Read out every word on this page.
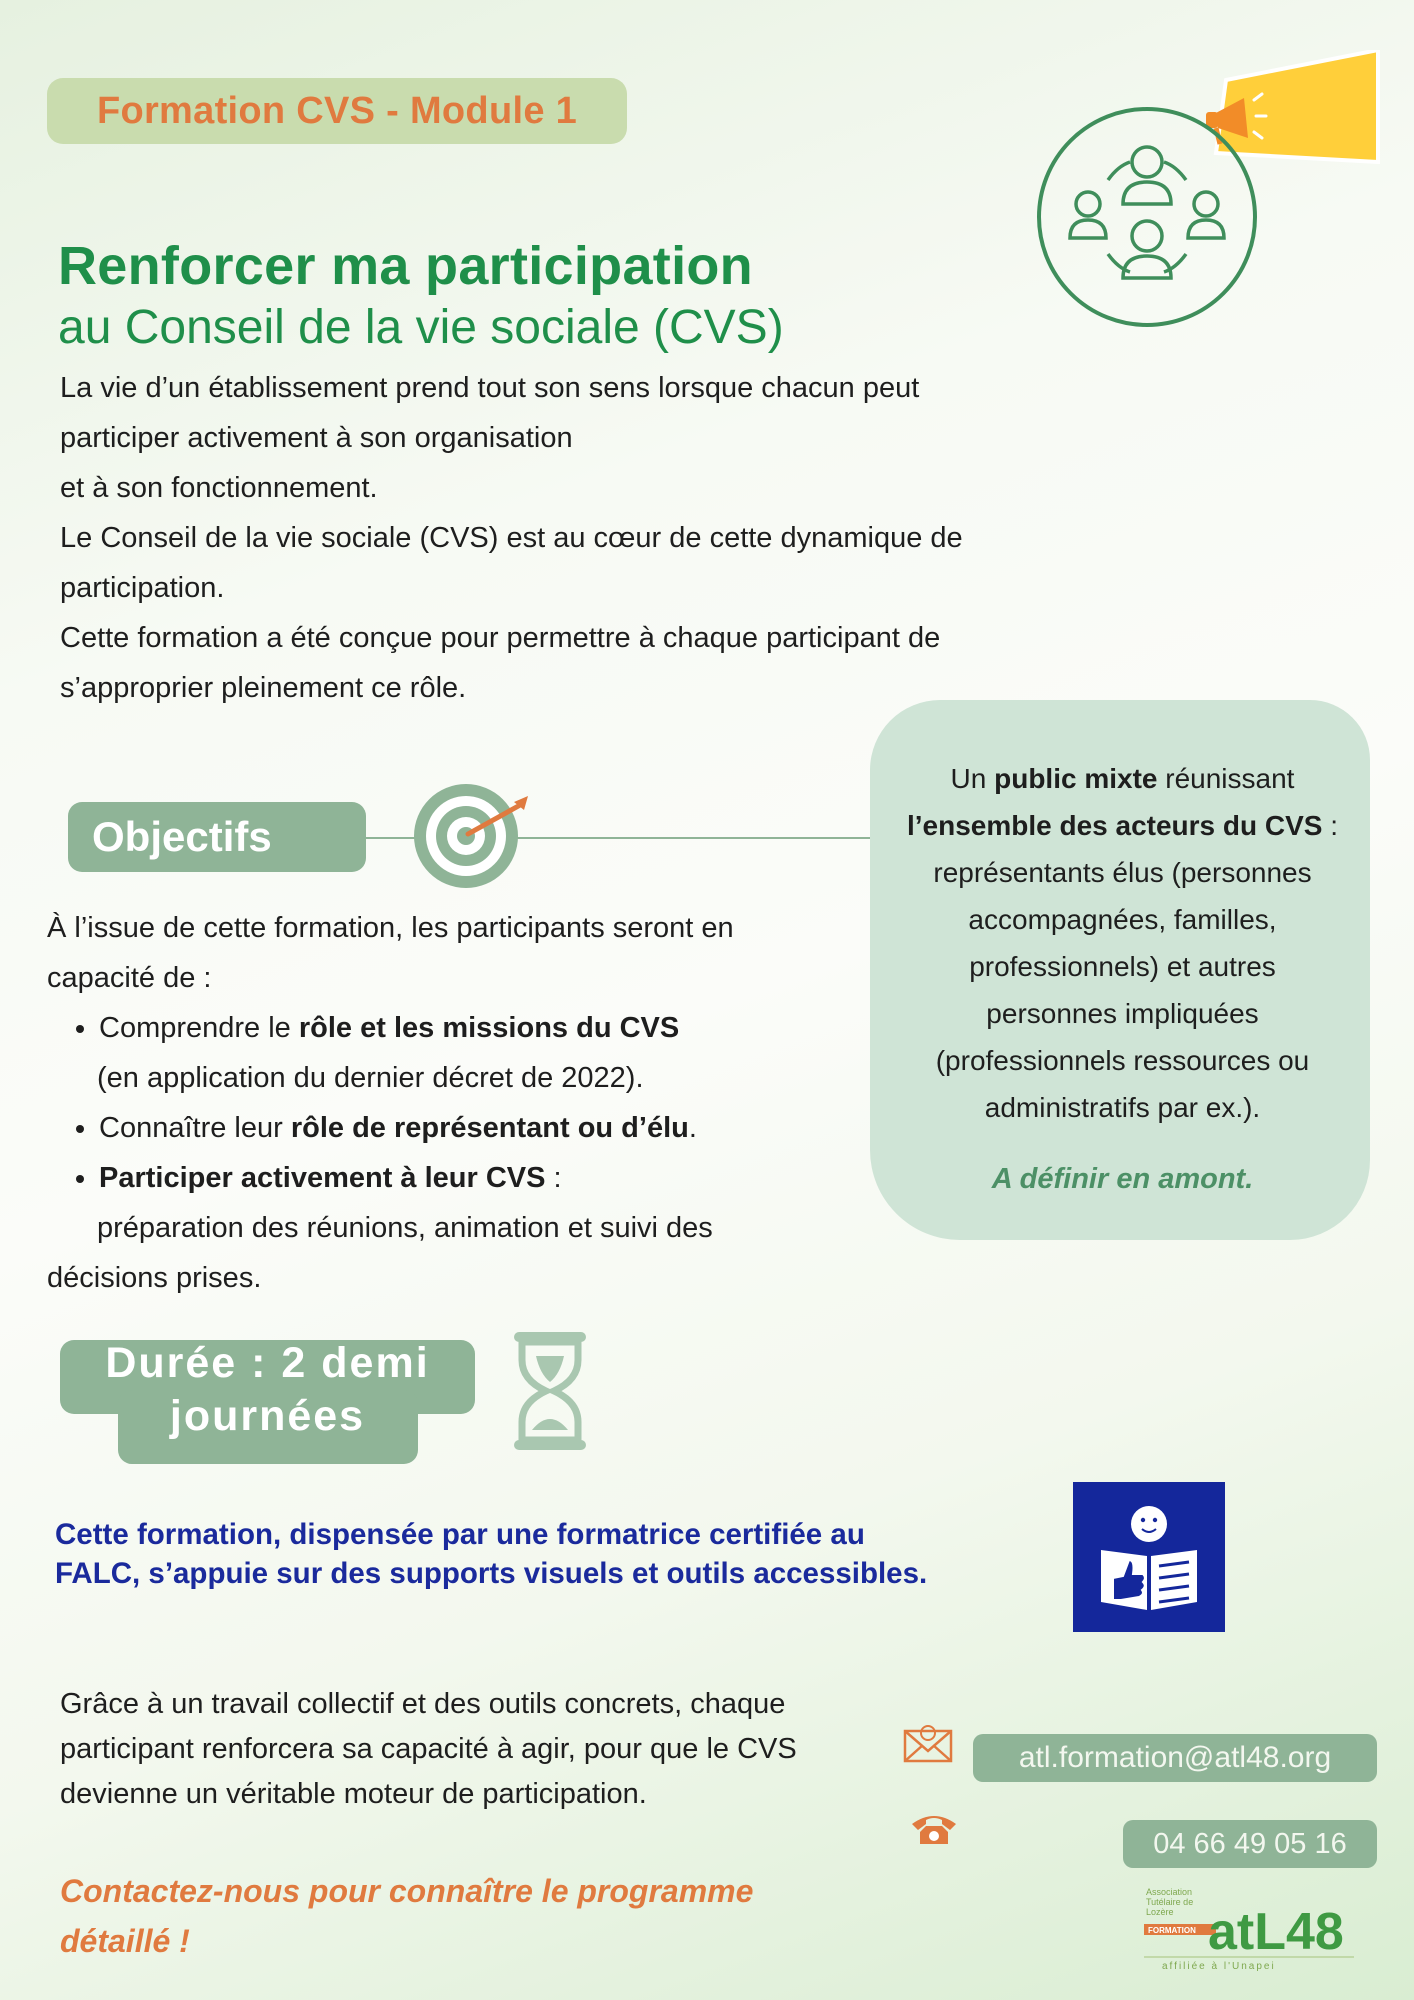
Formation CVS - Module 1
Renforcer ma participation
au Conseil de la vie sociale (CVS)

La vie d’un établissement prend tout son sens lorsque chacun peut

participer activement à son organisation

et à son fonctionnement.

Le Conseil de la vie sociale (CVS) est au cœur de cette dynamique de

participation.

Cette formation a été conçue pour permettre à chaque participant de

s’approprier pleinement ce rôle.

Objectifs

À l’issue de cette formation, les participants seront en

capacité de :

• Comprendre le rôle et les missions du CVS
(en application du dernier décret de 2022).
• Connaître leur rôle de représentant ou d’élu.
• Participer activement à leur CVS :
préparation des réunions, animation et suivi des

décisions prises.

Un public mixte réunissant

l’ensemble des acteurs du CVS :

représentants élus (personnes

accompagnées, familles,

professionnels) et autres

personnes impliquées

(professionnels ressources ou

administratifs par ex.).

A définir en amont.
Durée : 2 demi
journées
Cette formation, dispensée par une formatrice certifiée au
FALC, s’appuie sur des supports visuels et outils accessibles.
Grâce à un travail collectif et des outils concrets, chaque
participant renforcera sa capacité à agir, pour que le CVS
devienne un véritable moteur de participation.
Contactez-nous pour connaître le programme
détaillé !
atl.formation@atl48.org
04 66 49 05 16
Association
Tutélaire de
Lozère
FORMATION atL48
affiliée à l'Unapei
